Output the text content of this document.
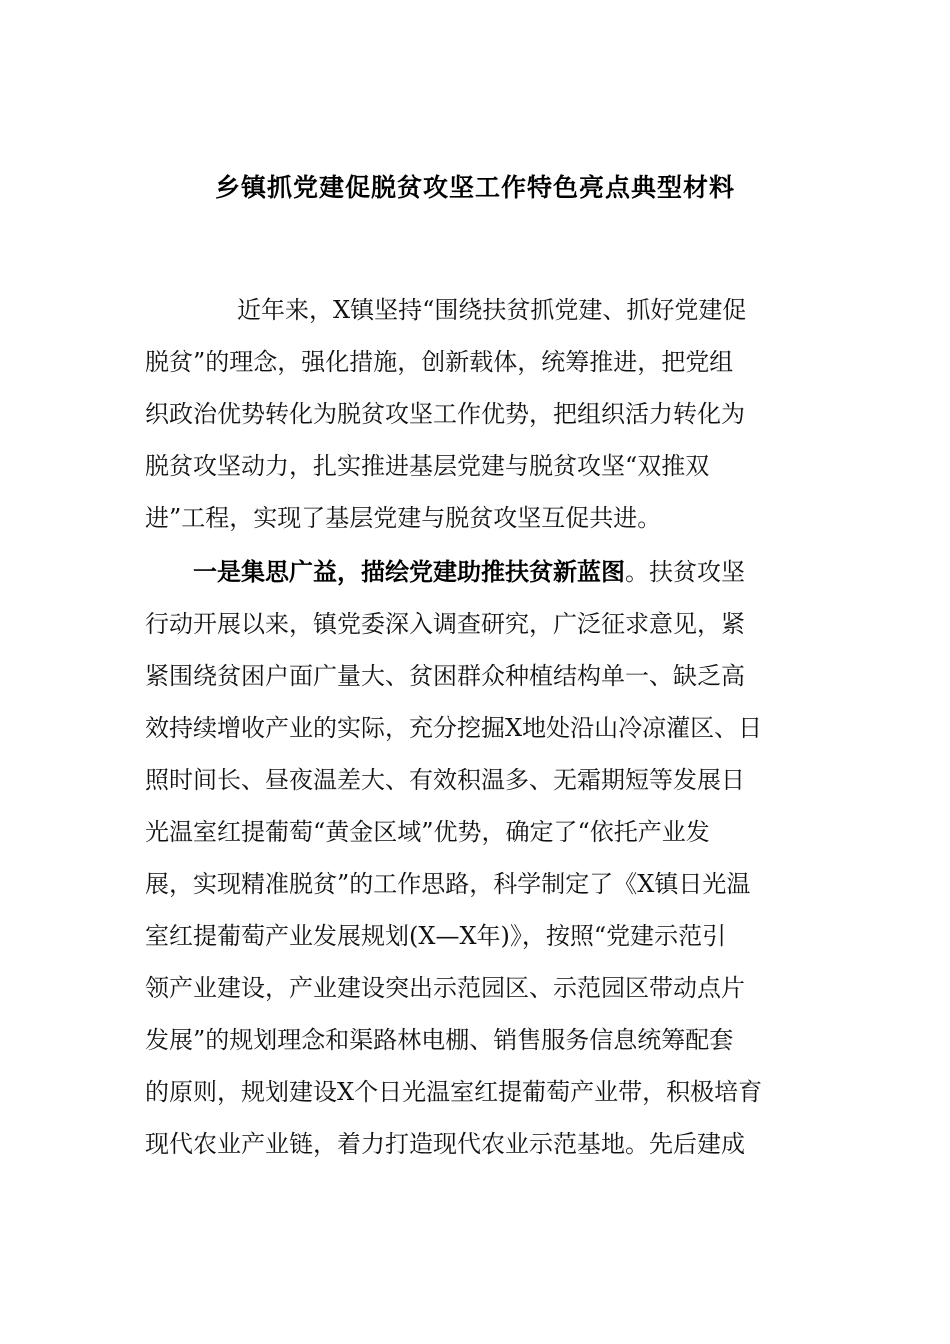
乡镇抓党建促脱贫攻坚工作特色亮点典型材料
近年来，X镇坚持“围绕扶贫抓党建、抓好党建促
脱贫”的理念，强化措施，创新载体，统筹推进，把党组
织政治优势转化为脱贫攻坚工作优势，把组织活力转化为
脱贫攻坚动力，扎实推进基层党建与脱贫攻坚“双推双
进”工程，实现了基层党建与脱贫攻坚互促共进。
一是集思广益，描绘党建助推扶贫新蓝图。扶贫攻坚
行动开展以来，镇党委深入调查研究，广泛征求意见，紧
紧围绕贫困户面广量大、贫困群众种植结构单一、缺乏高
效持续增收产业的实际，充分挖掘X地处沿山冷凉灌区、日
照时间长、昼夜温差大、有效积温多、无霜期短等发展日
光温室红提葡萄“黄金区域”优势，确定了“依托产业发
展，实现精准脱贫”的工作思路，科学制定了《X镇日光温
室红提葡萄产业发展规划(X—X年)》，按照“党建示范引
领产业建设，产业建设突出示范园区、示范园区带动点片
发展”的规划理念和渠路林电棚、销售服务信息统筹配套
的原则，规划建设X个日光温室红提葡萄产业带，积极培育
现代农业产业链，着力打造现代农业示范基地。先后建成
